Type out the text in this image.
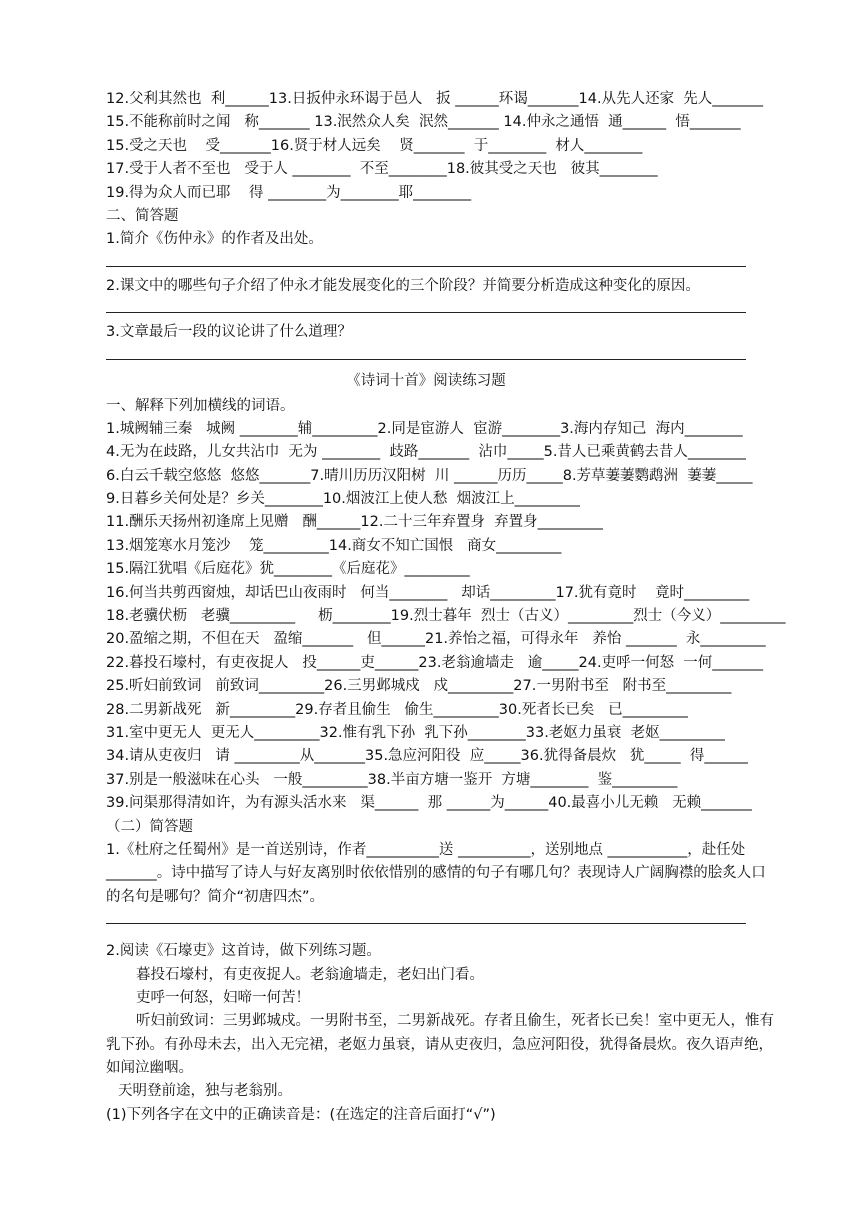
12.父利其然也  利______13.日扳仲永环谒于邑人   扳 ______环谒_______14.从先人还家  先人_______
15.不能称前时之闻   称_______ 13.泯然众人矣  泯然_______ 14.仲永之通悟  通______  悟_______
15.受之天也    受_______16.贤于材人远矣    贤_______  于________  材人________
17.受于人者不至也   受于人 ________  不至________18.彼其受之天也   彼其________
19.得为众人而已耶    得 ________为________耶________
二、简答题
1.简介《伤仲永》的作者及出处。
2.课文中的哪些句子介绍了仲永才能发展变化的三个阶段？并简要分析造成这种变化的原因。
3.文章最后一段的议论讲了什么道理？
《诗词十首》阅读练习题
一、解释下列加横线的词语。
1.城阙辅三秦   城阙 ________辅_________2.同是宦游人  宦游________3.海内存知己  海内________
4.无为在歧路，儿女共沾巾  无为 ________  歧路_______  沾巾_____5.昔人已乘黄鹤去昔人________
6.白云千载空悠悠  悠悠_______7.晴川历历汉阳树  川 ______历历_____8.芳草萋萋鹦鹉洲  萋萋_____
9.日暮乡关何处是？乡关________10.烟波江上使人愁  烟波江上_________
11.酬乐天扬州初逢席上见赠   酬______12.二十三年弃置身  弃置身_________
13.烟笼寒水月笼沙    笼_________14.商女不知亡国恨   商女_________
15.隔江犹唱《后庭花》犹________《后庭花》_________
16.何当共剪西窗烛，却话巴山夜雨时   何当________   却话_________17.犹有竟时    竟时_________
18.老骥伏枥   老骥_________     枥________19.烈士暮年  烈士（古义）_________烈士（今义）_________
20.盈缩之期，不但在天   盈缩_______   但______21.养怡之福，可得永年   养怡 _______  永_________
22.暮投石壕村，有吏夜捉人   投______吏______23.老翁逾墙走   逾_____24.吏呼一何怒  一何_______
25.听妇前致词   前致词_________26.三男邺城戍   戍_________27.一男附书至   附书至_________
28.二男新战死   新_________29.存者且偷生   偷生_________30.死者长已矣   已_________
31.室中更无人  更无人_________32.惟有乳下孙  乳下孙________33.老妪力虽衰  老妪_________
34.请从吏夜归   请 _________从_______35.急应河阳役  应_____36.犹得备晨炊   犹_____  得______
37.别是一般滋味在心头   一般_________38.半亩方塘一鉴开  方塘________  鉴_________
39.问渠那得清如许，为有源头活水来   渠______  那 ______为______40.最喜小儿无赖   无赖_______
（二）简答题
1.《杜府之任蜀州》是一首送别诗，作者__________送 __________，送别地点 ___________，赴任处
_______。诗中描写了诗人与好友离别时依依惜别的感情的句子有哪几句？表现诗人广阔胸襟的脍炙人口
的名句是哪句？简介“初唐四杰”。
2.阅读《石壕吏》这首诗，做下列练习题。
暮投石壕村，有吏夜捉人。老翁逾墙走，老妇出门看。
吏呼一何怒，妇啼一何苦！
听妇前致词：三男邺城戍。一男附书至，二男新战死。存者且偷生，死者长已矣！室中更无人，惟有
乳下孙。有孙母未去，出入无完裙，老妪力虽衰，请从吏夜归，急应河阳役，犹得备晨炊。夜久语声绝，
如闻泣幽咽。
天明登前途，独与老翁别。
(1)下列各字在文中的正确读音是：(在选定的注音后面打“√”)
